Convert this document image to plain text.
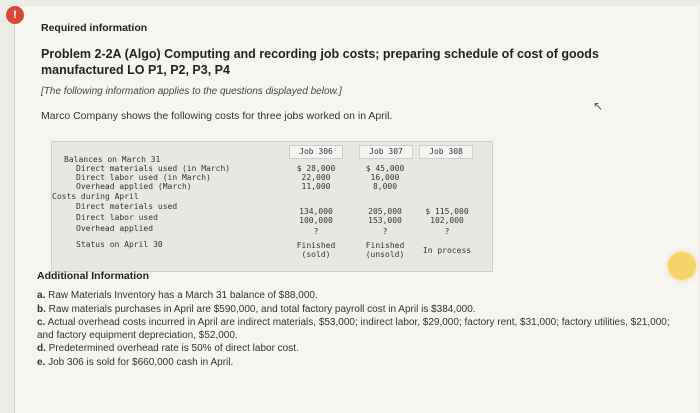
!
Required information
Problem 2-2A (Algo) Computing and recording job costs; preparing schedule of cost of goods manufactured LO P1, P2, P3, P4
[The following information applies to the questions displayed below.]
Marco Company shows the following costs for three jobs worked on in April.
↖
Job 306	Job 307	Job 308
Balances on March 31
Direct materials used (in March)
Direct labor used (in March)
Overhead applied (March)
Costs during April
Direct materials used
Direct labor used
Overhead applied
Status on April 30
$ 28,000
22,000
11,000
134,000
100,000
?
Finished
(sold)
$ 45,000
16,000
8,000
205,000
153,000
?
Finished
(unsold)
$ 115,000
102,000
?
In process
Additional Information
a. Raw Materials Inventory has a March 31 balance of $88,000.
b. Raw materials purchases in April are $590,000, and total factory payroll cost in April is $384,000.
c. Actual overhead costs incurred in April are indirect materials, $53,000; indirect labor, $29,000; factory rent, $31,000; factory utilities, $21,000; and factory equipment depreciation, $52,000.
d. Predetermined overhead rate is 50% of direct labor cost.
e. Job 306 is sold for $660,000 cash in April.
